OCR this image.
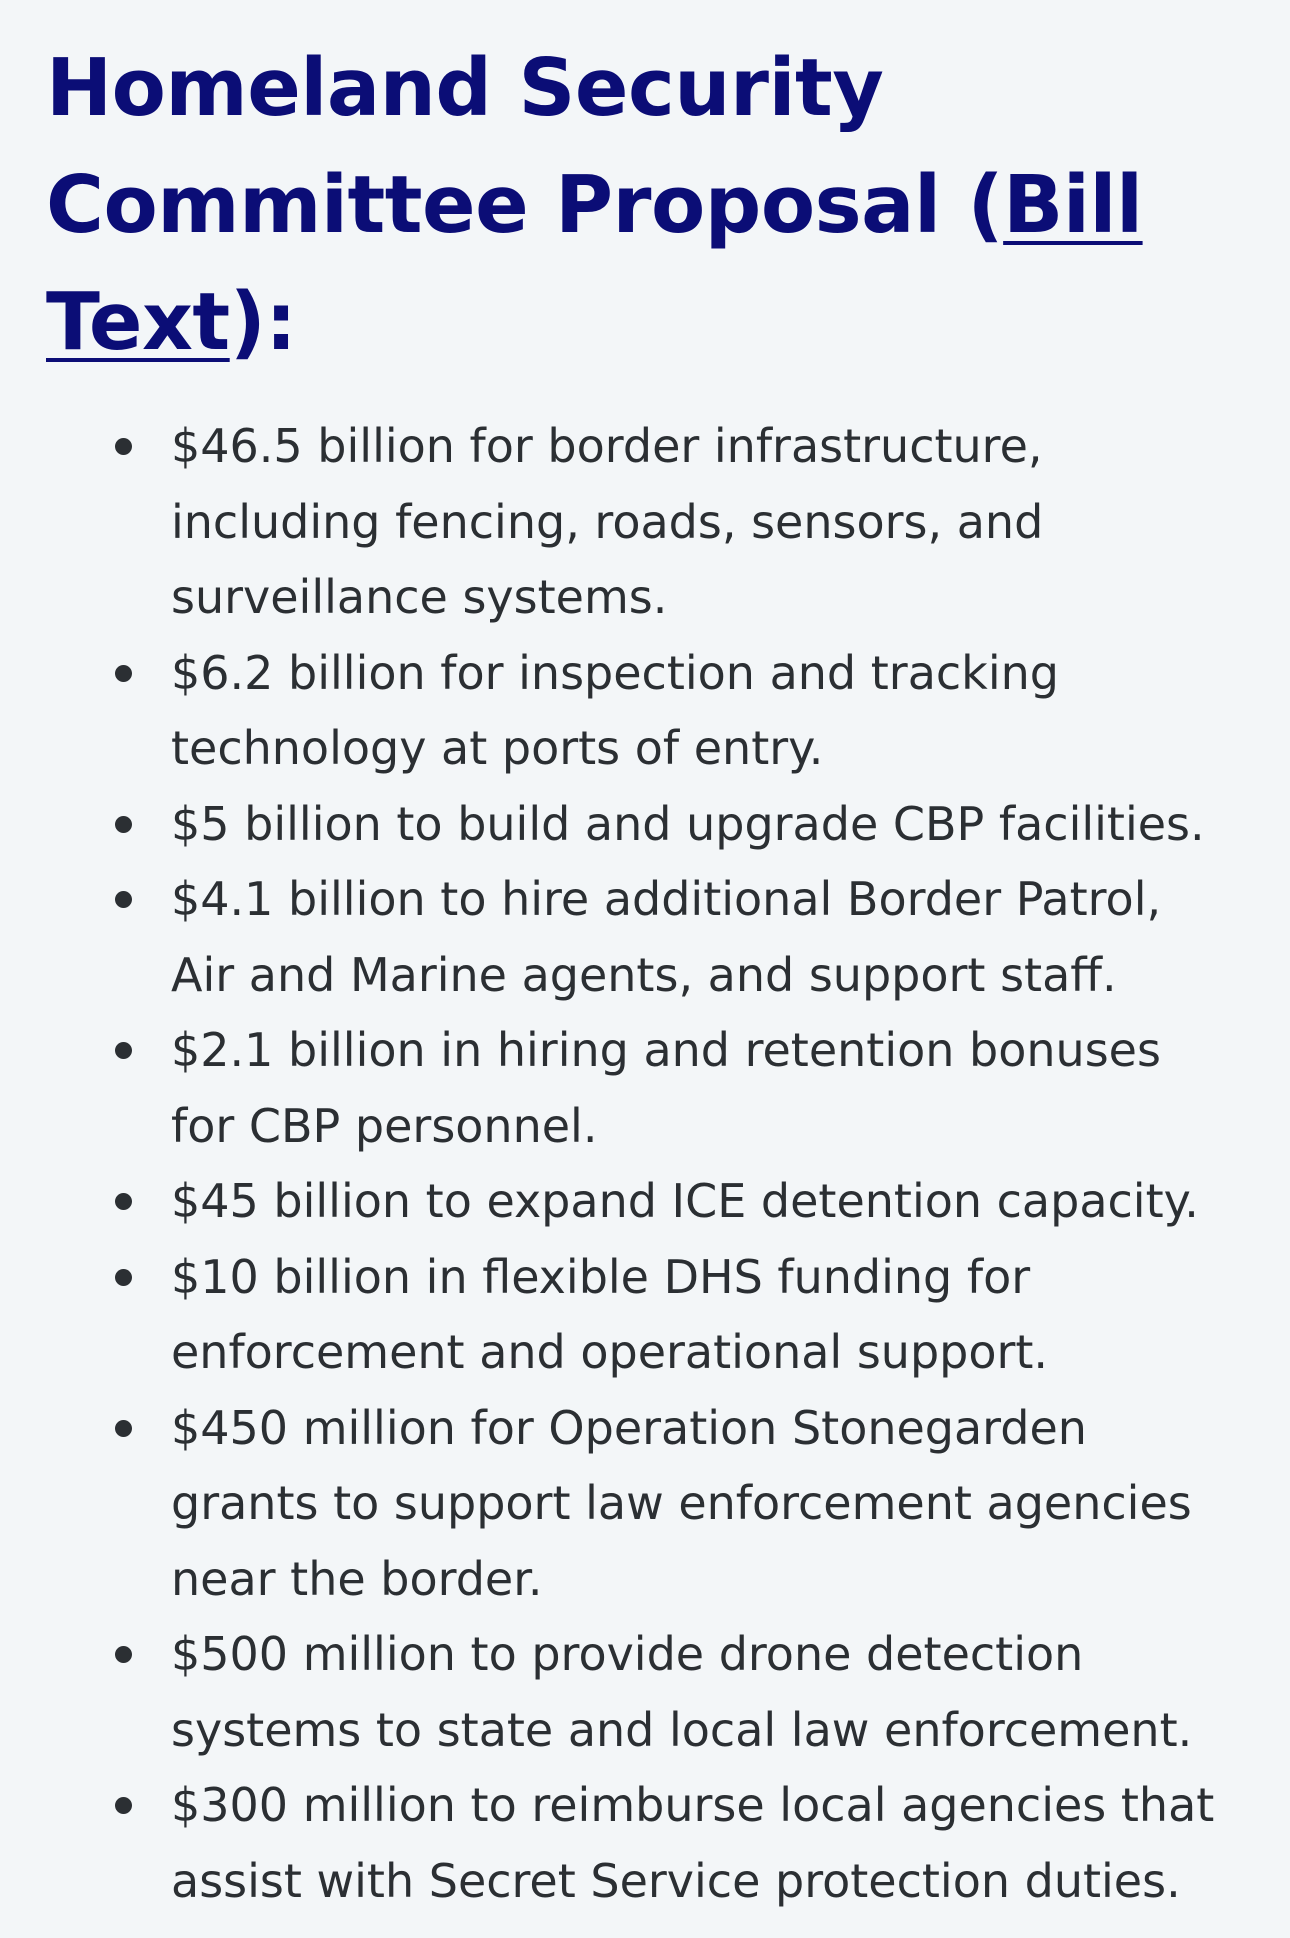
Homeland Security Committee Proposal (Bill Text):
$46.5 billion for border infrastructure, including fencing, roads, sensors, and surveillance systems.
$6.2 billion for inspection and tracking technology at ports of entry.
$5 billion to build and upgrade CBP facilities.
$4.1 billion to hire additional Border Patrol, Air and Marine agents, and support staff.
$2.1 billion in hiring and retention bonuses for CBP personnel.
$45 billion to expand ICE detention capacity.
$10 billion in flexible DHS funding for enforcement and operational support.
$450 million for Operation Stonegarden grants to support law enforcement agencies near the border.
$500 million to provide drone detection systems to state and local law enforcement.
$300 million to reimburse local agencies that assist with Secret Service protection duties.
